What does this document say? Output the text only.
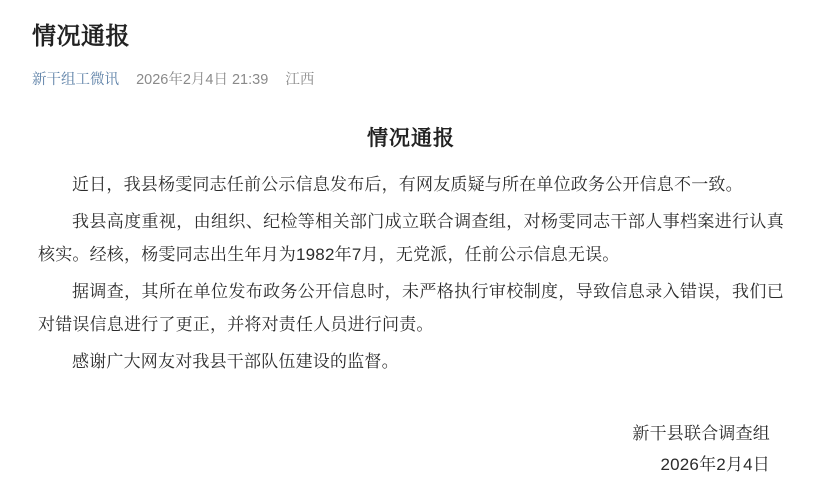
情况通报
新干组工微讯 2026年2月4日 21:39 江西
情况通报

近日，我县杨雯同志任前公示信息发布后，有网友质疑与所在单位政务公开信息不一致。

我县高度重视，由组织、纪检等相关部门成立联合调查组，对杨雯同志干部人事档案进行认真核实。经核，杨雯同志出生年月为1982年7月，无党派，任前公示信息无误。

据调查，其所在单位发布政务公开信息时，未严格执行审校制度，导致信息录入错误，我们已对错误信息进行了更正，并将对责任人员进行问责。

感谢广大网友对我县干部队伍建设的监督。

新干县联合调查组
2026年2月4日
